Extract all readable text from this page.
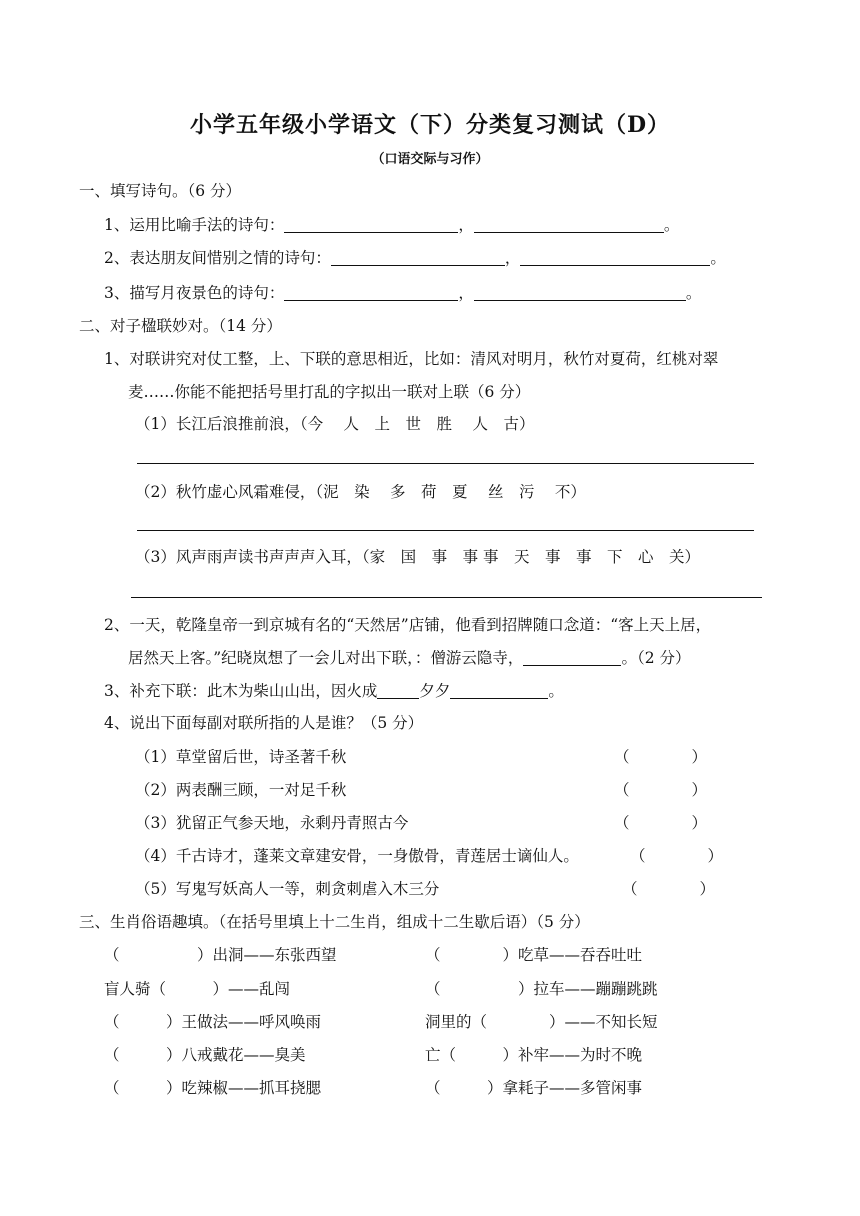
小学五年级小学语文（下）分类复习测试（D）
（口语交际与习作）
一、填写诗句。（6 分）
1、运用比喻手法的诗句：	，	。
2、表达朋友间惜别之情的诗句：	，	。
3、描写月夜景色的诗句：	，	。
二、对子楹联妙对。（14 分）
1、对联讲究对仗工整，上、下联的意思相近，比如：清风对明月，秋竹对夏荷，红桃对翠
麦……你能不能把括号里打乱的字拟出一联对上联（6 分）
（1）长江后浪推前浪，（今　 人　上　世　胜　 人　古）
（2）秋竹虚心风霜难侵，（泥　染　 多　荷　夏　 丝　污　 不）
（3）风声雨声读书声声声入耳，（家　国　事　事 事　天　事　事　下　心　关）
2、一天，乾隆皇帝一到京城有名的“天然居”店铺，他看到招牌随口念道：“客上天上居，
居然天上客。”纪晓岚想了一会儿对出下联，：僧游云隐寺，	。（2 分）
3、补充下联：此木为柴山山出，因火成	夕夕	。
4、说出下面每副对联所指的人是谁？（5 分）
（1）草堂留后世，诗圣著千秋	（　　　　）
（2）两表酬三顾，一对足千秋	（　　　　）
（3）犹留正气参天地，永剩丹青照古今	（　　　　）
（4）千古诗才，蓬莱文章建安骨，一身傲骨，青莲居士谪仙人。	（　　　　）
（5）写鬼写妖高人一等，刺贪刺虐入木三分	（　　　　）
三、生肖俗语趣填。（在括号里填上十二生肖，组成十二生歇后语）（5 分）
（　　　　　）出洞——东张西望	（　　　　）吃草——吞吞吐吐
盲人骑（　　　）——乱闯	（　　　　　）拉车——蹦蹦跳跳
（　　　）王做法——呼风唤雨	洞里的（　　　　）——不知长短
（　　　）八戒戴花——臭美	亡（　　　）补牢——为时不晚
（　　　）吃辣椒——抓耳挠腮	（　　　）拿耗子——多管闲事
